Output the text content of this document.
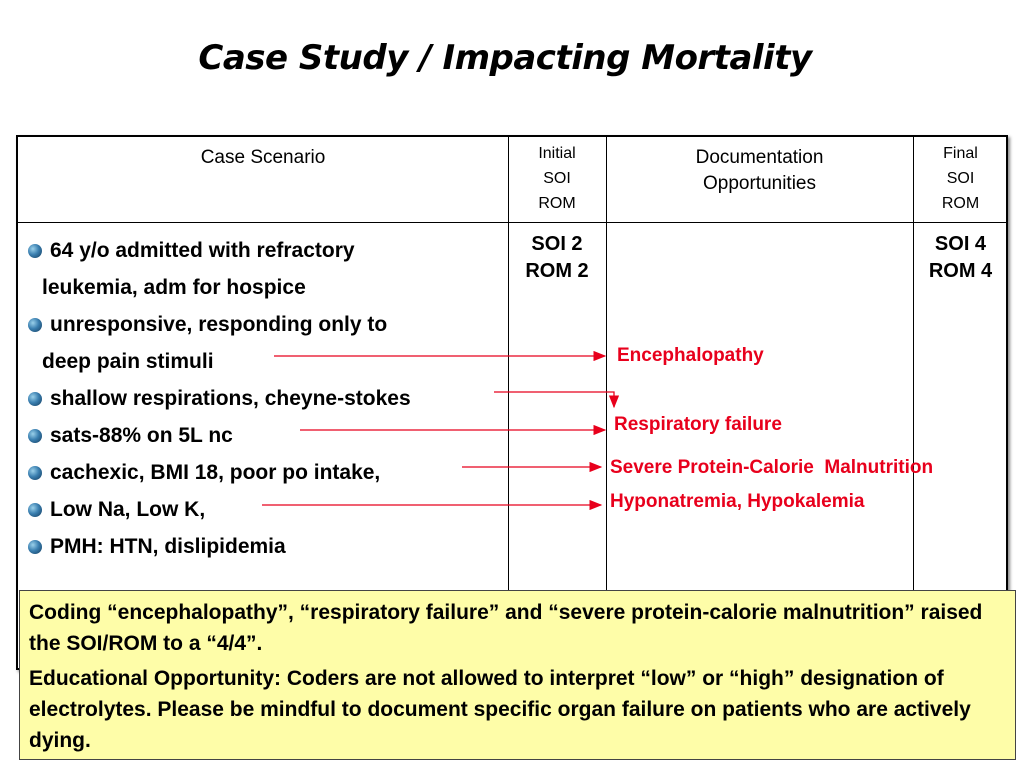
Case Study / Impacting Mortality
Case Scenario	Initial
SOI
ROM
Documentation
Opportunities
Final
SOI
ROM
64 y/o admitted with refractory
leukemia, adm for hospice
unresponsive, responding only to
deep pain stimuli
shallow respirations, cheyne-stokes
sats-88% on 5L nc
cachexic, BMI 18, poor po intake,
Low Na, Low K,
PMH: HTN, dislipidemia
SOI 2
ROM 2
SOI 4
ROM 4
Encephalopathy
Respiratory failure
Severe Protein-Calorie  Malnutrition
Hyponatremia, Hypokalemia

Coding “encephalopathy”, “respiratory failure” and “severe protein-calorie malnutrition” raised the SOI/ROM to a “4/4”.

Educational Opportunity: Coders are not allowed to interpret “low” or “high” designation of electrolytes. Please be mindful to document specific organ failure on patients who are actively dying.
